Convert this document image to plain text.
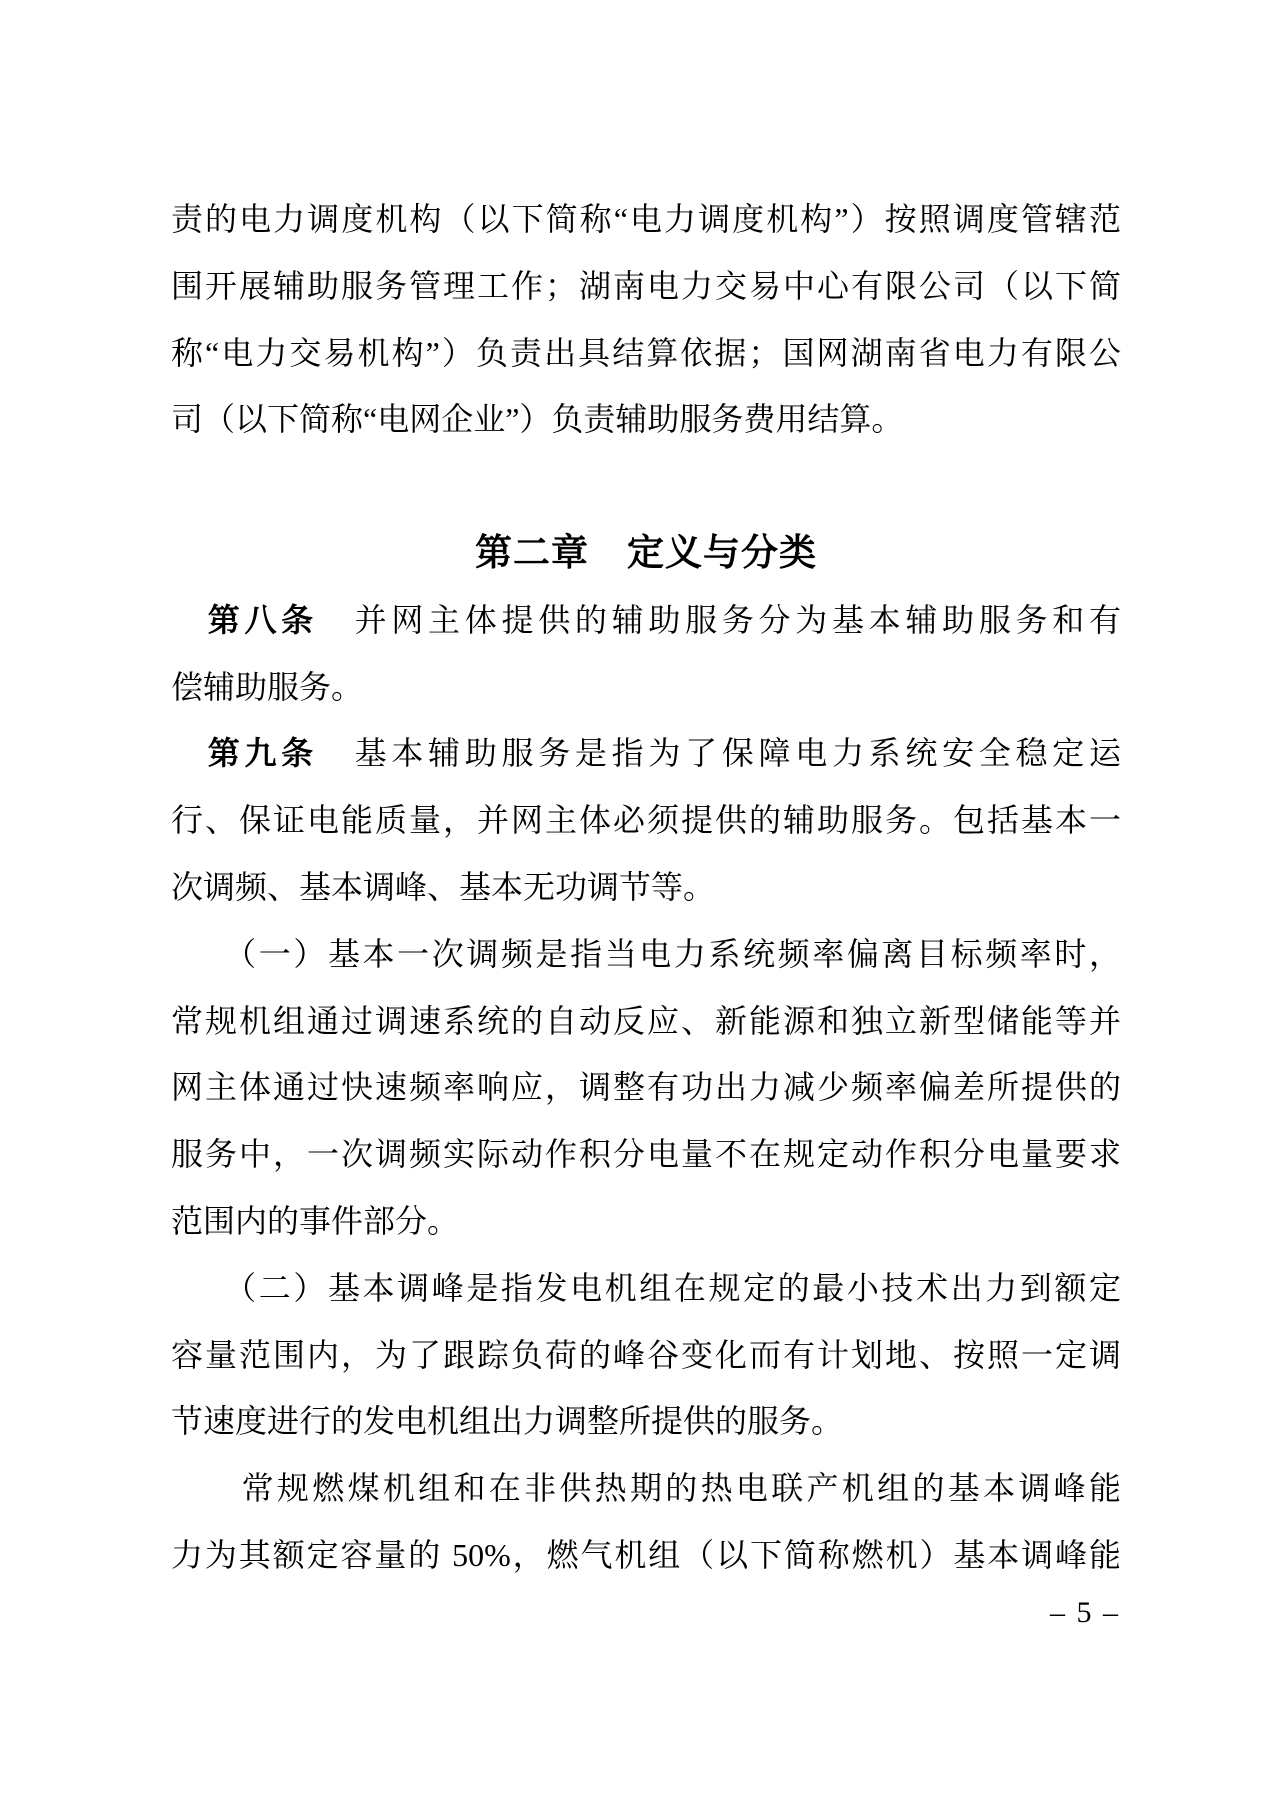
责的电力调度机构（以下简称“电力调度机构”）按照调度管辖范
围开展辅助服务管理工作；湖南电力交易中心有限公司（以下简
称“电力交易机构”）负责出具结算依据；国网湖南省电力有限公
司（以下简称“电网企业”）负责辅助服务费用结算。
第二章　定义与分类
　第八条　并网主体提供的辅助服务分为基本辅助服务和有
偿辅助服务。
　第九条　基本辅助服务是指为了保障电力系统安全稳定运
行、保证电能质量，并网主体必须提供的辅助服务。包括基本一
次调频、基本调峰、基本无功调节等。
　　（一）基本一次调频是指当电力系统频率偏离目标频率时，
常规机组通过调速系统的自动反应、新能源和独立新型储能等并
网主体通过快速频率响应，调整有功出力减少频率偏差所提供的
服务中，一次调频实际动作积分电量不在规定动作积分电量要求
范围内的事件部分。
　　（二）基本调峰是指发电机组在规定的最小技术出力到额定
容量范围内，为了跟踪负荷的峰谷变化而有计划地、按照一定调
节速度进行的发电机组出力调整所提供的服务。
　　常规燃煤机组和在非供热期的热电联产机组的基本调峰能
力为其额定容量的 50%，燃气机组（以下简称燃机）基本调峰能
– 5 –
